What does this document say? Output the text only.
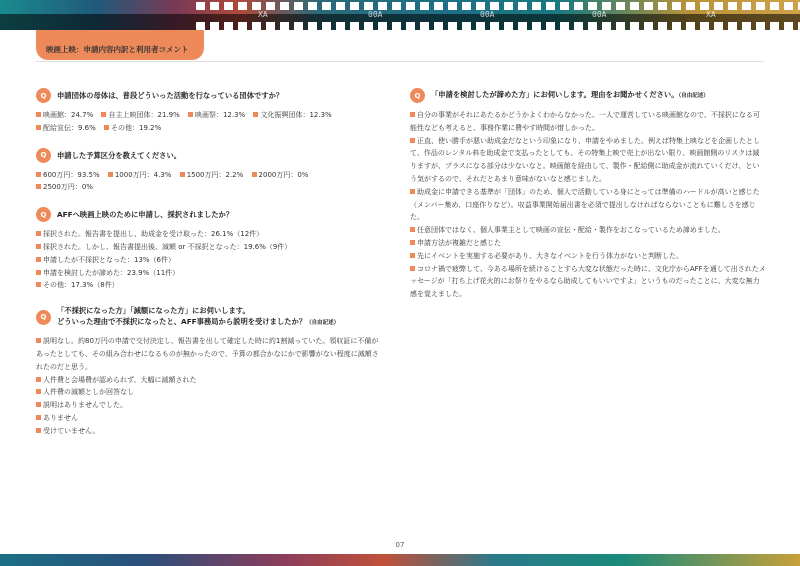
XA	00A	00A	00A	XA
映画上映：申請内容内訳と利用者コメント
Q	申請団体の母体は、普段どういった活動を行なっている団体ですか？
映画館：24.7% 自主上映団体：21.9% 映画祭：12.3% 文化振興団体：12.3%
配給宣伝：9.6% その他：19.2%
Q	申請した予算区分を教えてください。
600万円：93.5% 1000万円：4.3% 1500万円：2.2% 2000万円：0%
2500万円：0%
Q	AFFへ映画上映のために申請し、採択されましたか？
採択された。報告書を提出し、助成金を受け取った：26.1%（12件）
採択された。しかし、報告書提出後、減額 or 不採択となった：19.6%（9件）
申請したが不採択となった：13%（6件）
申請を検討したが諦めた：23.9%（11件）
その他：17.3%（8件）
Q
「不採択になった方」「減額になった方」にお伺いします。
どういった理由で不採択になったと、AFF事務局から説明を受けましたか？（自由記述）
説明なし。約80万円の申請で交付決定し、報告書を出して確定した時に約1割減っていた。領収証に不備があったとしても、その組み合わせになるものが無かったので、予算の都合かなにかで影響がない程度に減額されたのだと思う。
人件費と会場費が認められず、大幅に減額された
人件費の減額としか回答なし
説明はありませんでした。
ありません
受けていません。
Q	「申請を検討したが諦めた方」にお伺いします。理由をお聞かせください。（自由記述）
自分の事業がそれにあたるかどうかよくわからなかった。一人で運営している映画館なので、不採択になる可能性なども考えると、事務作業に費やす時間が惜しかった。
正直、使い勝手が悪い助成金だなという印象になり、申請をやめました。例えば特集上映などを企画したとして、作品のレンタル料を助成金で支払ったとしても、その特集上映で売上が出ない限り、映画館側のリスクは減りますが、プラスになる部分は少ないなと。映画館を経由して、製作・配給側に助成金が流れていくだけ、という気がするので、それだとあまり意味がないなと感じました。
助成金に申請できる基準が「団体」のため、個人で活動している身にとっては準備のハードルが高いと感じた（メンバー集め、口座作りなど）。収益事業開始届出書を必須で提出しなければならないこともに難しさを感じた。
任意団体ではなく、個人事業主として映画の宣伝・配給・製作をおこなっているため諦めました。
申請方法が複雑だと感じた
先にイベントを実施する必要があり、大きなイベントを行う体力がないと判断した。
コロナ禍で疲弊して、今ある場所を続けることすら大変な状態だった時に、文化庁からAFFを通して出されたメッセージが「打ち上げ花火的にお祭りをやるなら助成してもいいですよ」というものだったことに、大変な無力感を覚えました。
07
